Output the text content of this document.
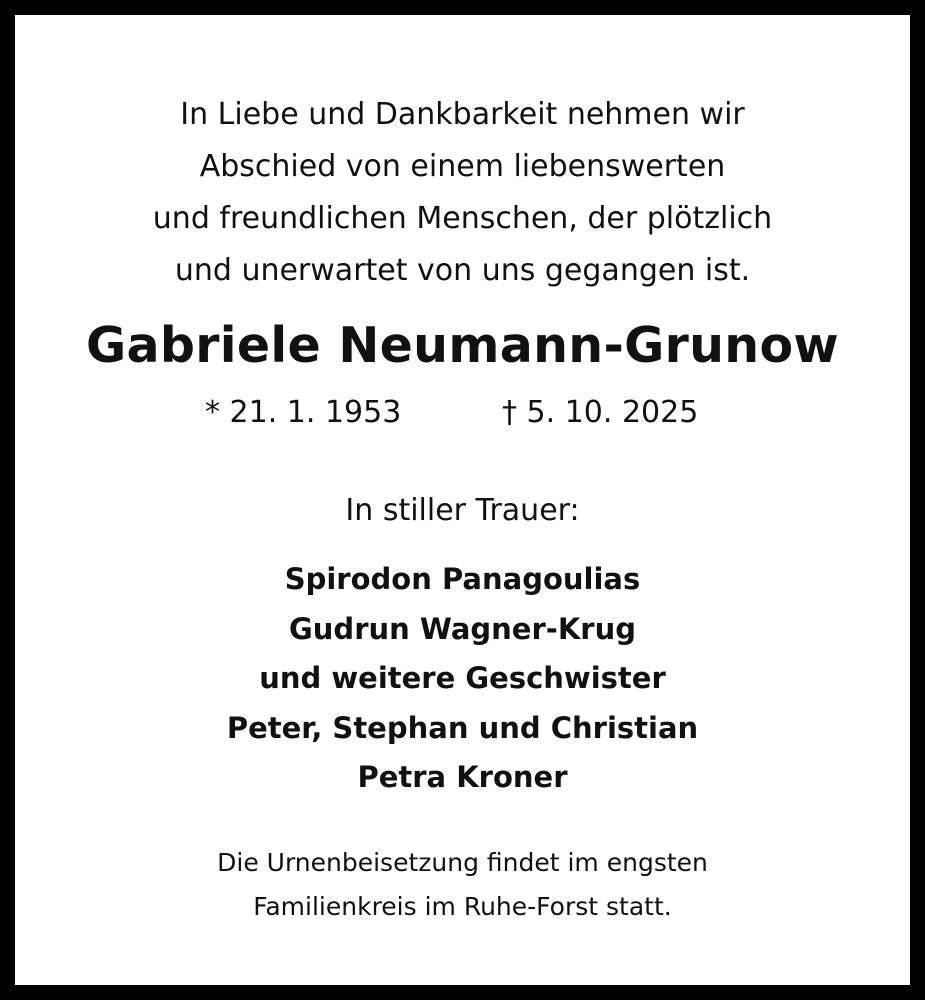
In Liebe und Dankbarkeit nehmen wir
Abschied von einem liebenswerten
und freundlichen Menschen, der plötzlich
und unerwartet von uns gegangen ist.

Gabriele Neumann-Grunow
* 21. 1. 1953	† 5. 10. 2025
In stiller Trauer:
Spirodon Panagoulias
Gudrun Wagner-Krug
und weitere Geschwister
Peter, Stephan und Christian
Petra Kroner

Die Urnenbeisetzung findet im engsten
Familienkreis im Ruhe-Forst statt.
